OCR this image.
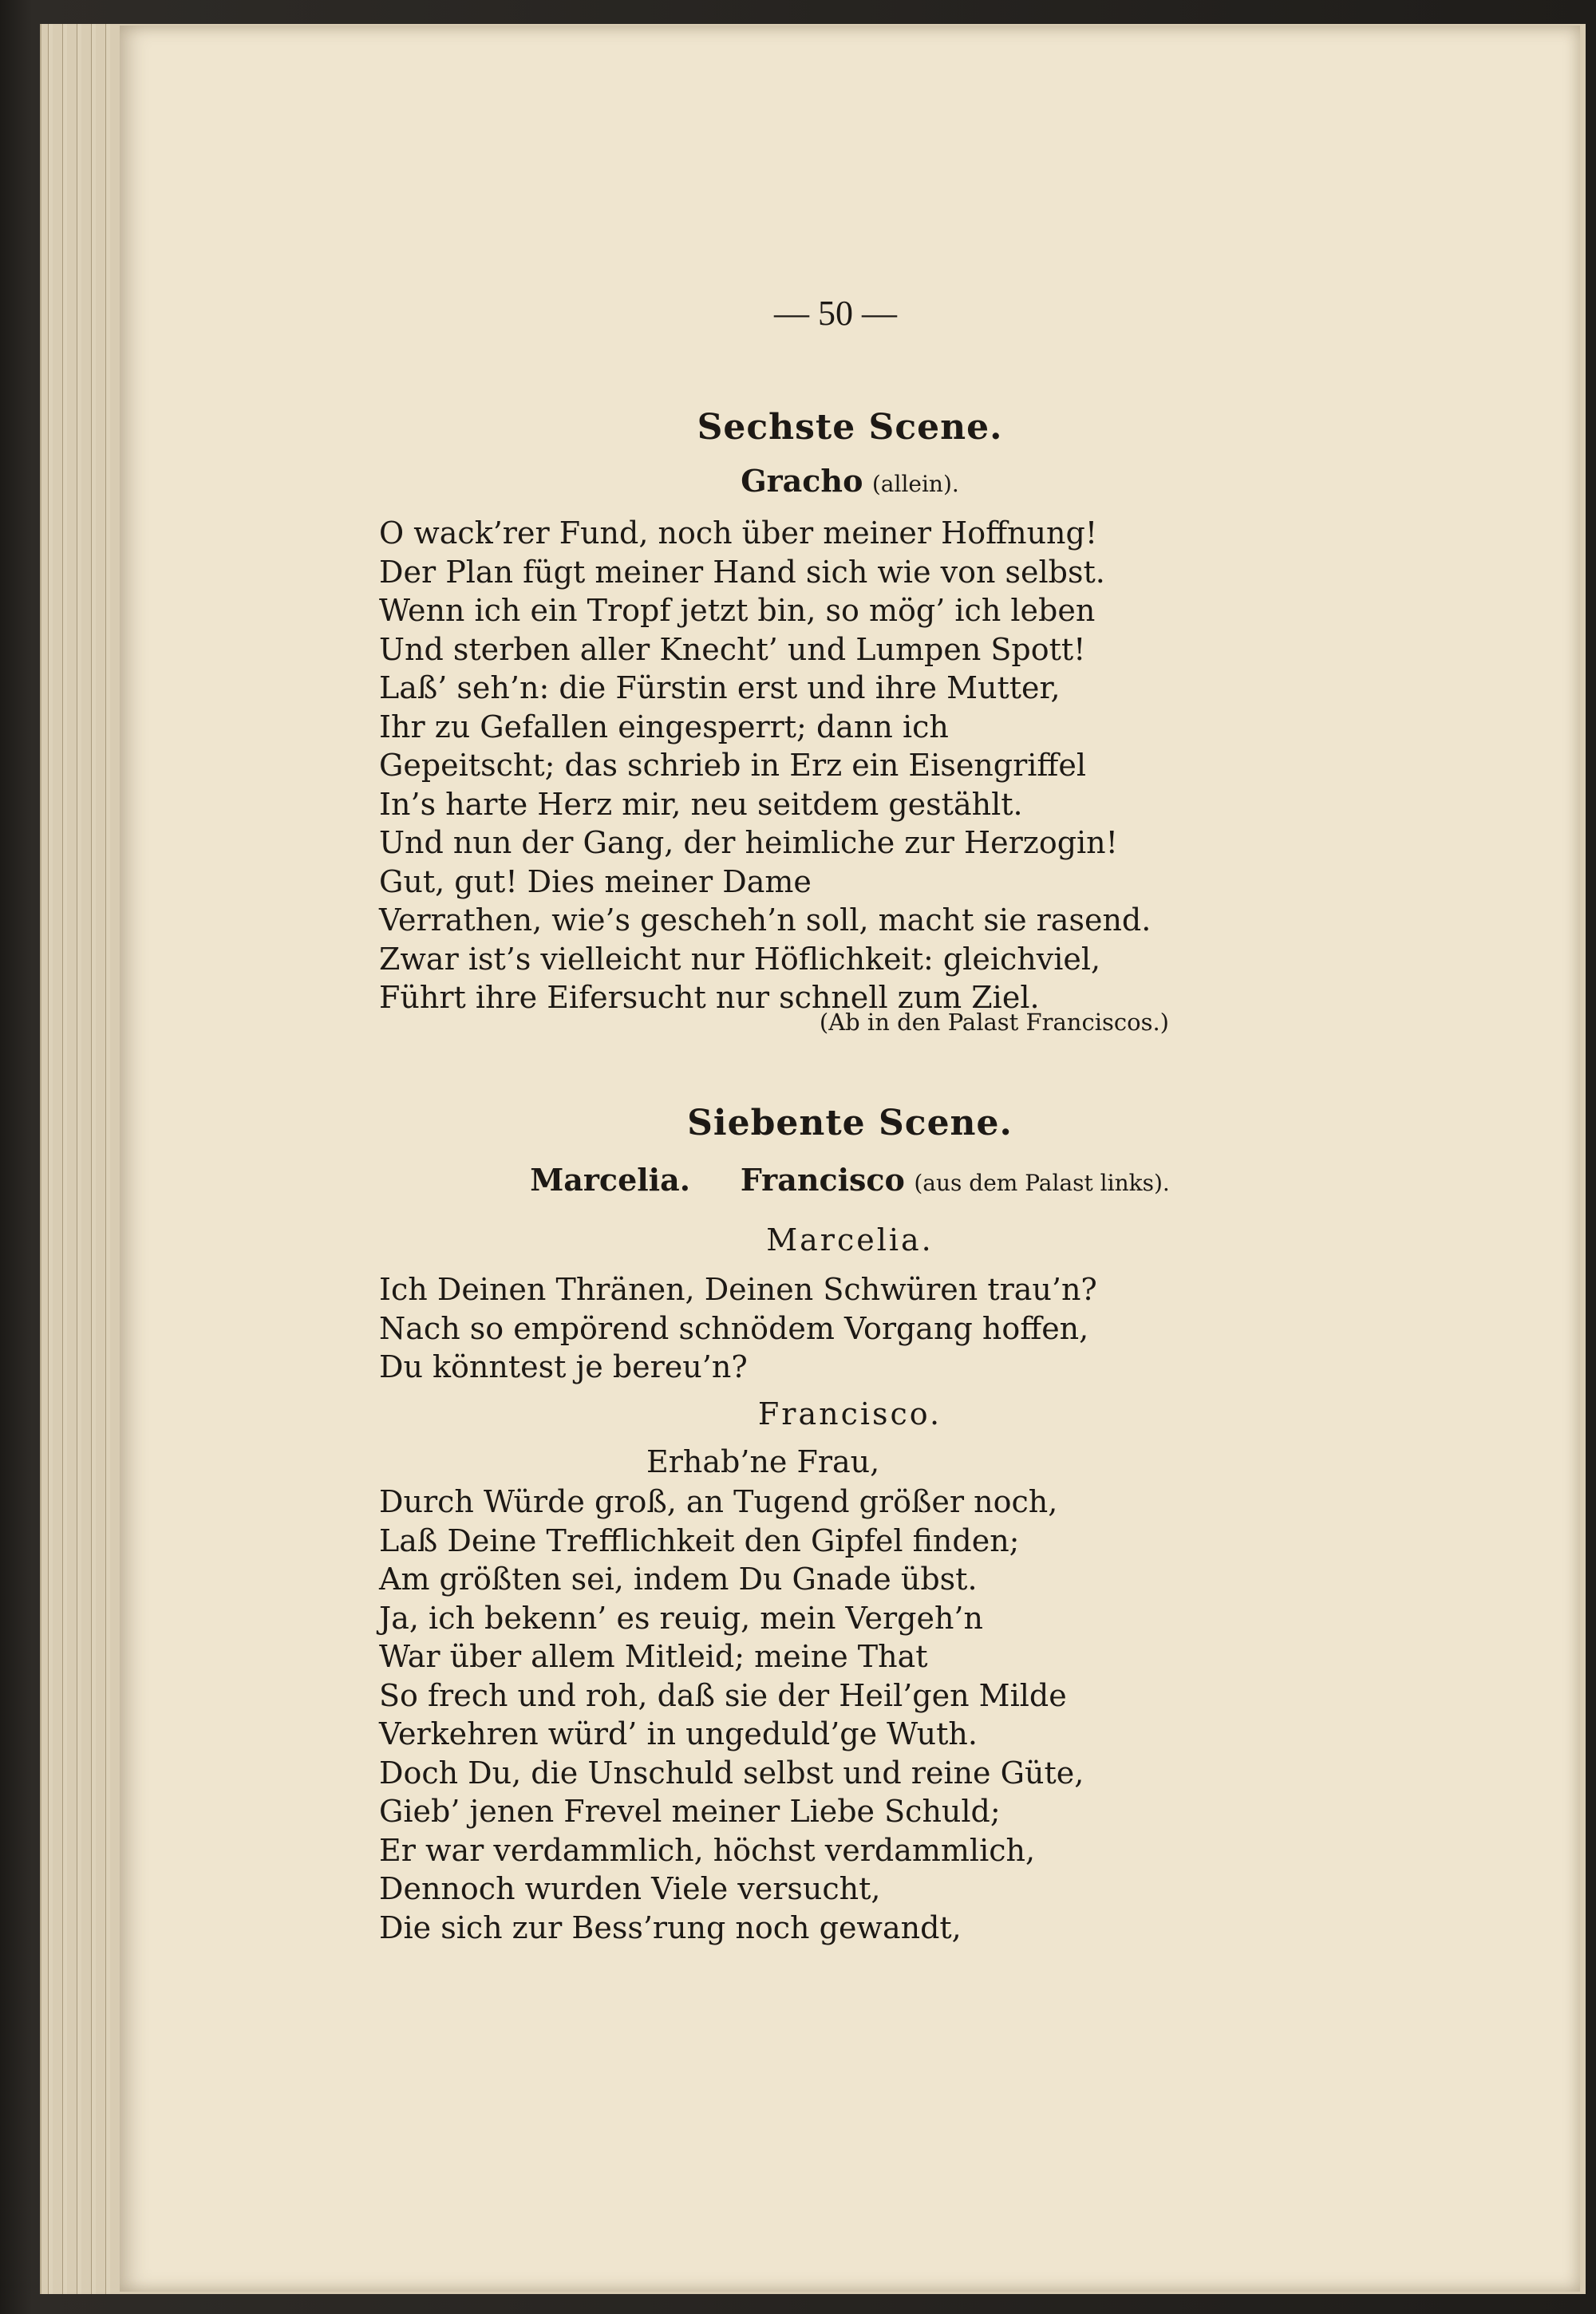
— 50 —
Sechste Scene.
Gracho (allein).
O wack’rer Fund, noch über meiner Hoffnung!
Der Plan fügt meiner Hand sich wie von selbst.
Wenn ich ein Tropf jetzt bin, so mög’ ich leben
Und sterben aller Knecht’ und Lumpen Spott!
Laß’ seh’n: die Fürstin erst und ihre Mutter,
Ihr zu Gefallen eingesperrt; dann ich
Gepeitscht; das schrieb in Erz ein Eisengriffel
In’s harte Herz mir, neu seitdem gestählt.
Und nun der Gang, der heimliche zur Herzogin!
Gut, gut! Dies meiner Dame
Verrathen, wie’s gescheh’n soll, macht sie rasend.
Zwar ist’s vielleicht nur Höflichkeit: gleichviel,
Führt ihre Eifersucht nur schnell zum Ziel.
(Ab in den Palast Franciscos.)
Siebente Scene.
Marcelia. Francisco (aus dem Palast links).
Marcelia.
Ich Deinen Thränen, Deinen Schwüren trau’n?
Nach so empörend schnödem Vorgang hoffen,
Du könntest je bereu’n?
Francisco.
Erhab’ne Frau,
Durch Würde groß, an Tugend größer noch,
Laß Deine Trefflichkeit den Gipfel finden;
Am größten sei, indem Du Gnade übst.
Ja, ich bekenn’ es reuig, mein Vergeh’n
War über allem Mitleid; meine That
So frech und roh, daß sie der Heil’gen Milde
Verkehren würd’ in ungeduld’ge Wuth.
Doch Du, die Unschuld selbst und reine Güte,
Gieb’ jenen Frevel meiner Liebe Schuld;
Er war verdammlich, höchst verdammlich,
Dennoch wurden Viele versucht,
Die sich zur Bess’rung noch gewandt,
